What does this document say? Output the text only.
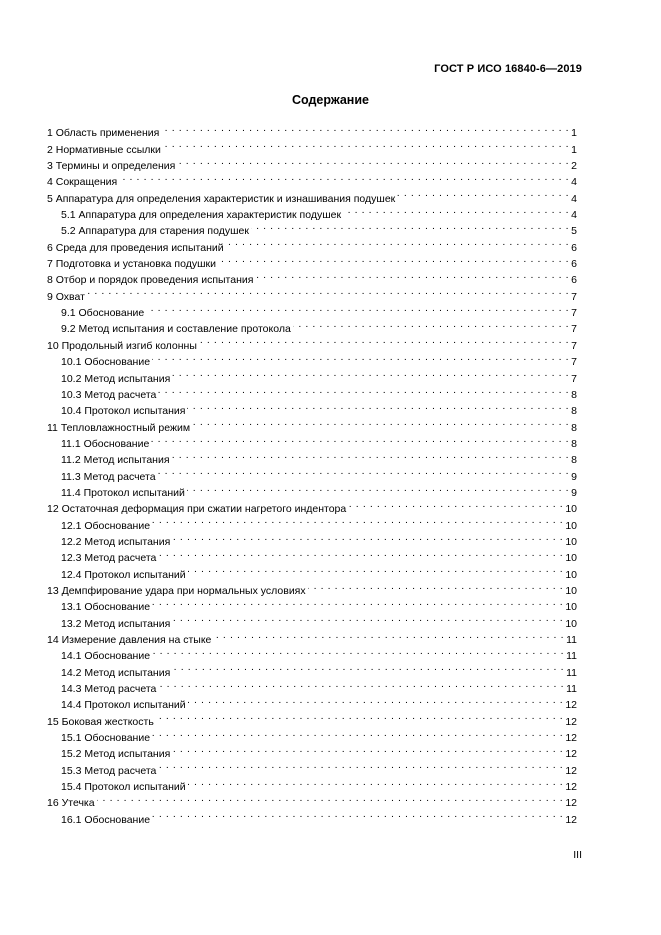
ГОСТ Р ИСО 16840-6—2019
Содержание
1 Область применения . . .	1
2 Нормативные ссылки . . .	1
3 Термины и определения . . .	2
4 Сокращения . . .	4
5 Аппаратура для определения характеристик и изнашивания подушек . . .	4
5.1 Аппаратура для определения характеристик подушек . . .	4
5.2 Аппаратура для старения подушек . . .	5
6 Среда для проведения испытаний . . .	6
7 Подготовка и установка подушки . . .	6
8 Отбор и порядок проведения испытания . . .	6
9 Охват . . .	7
9.1 Обоснование . . .	7
9.2 Метод испытания и составление протокола . . .	7
10 Продольный изгиб колонны . . .	7
10.1 Обоснование . . .	7
10.2 Метод испытания . . .	7
10.3 Метод расчета . . .	8
10.4 Протокол испытания . . .	8
11 Тепловлажностный режим . . .	8
11.1 Обоснование . . .	8
11.2 Метод испытания . . .	8
11.3 Метод расчета . . .	9
11.4 Протокол испытаний . . .	9
12 Остаточная деформация при сжатии нагретого индентора . . .	10
12.1 Обоснование . . .	10
12.2 Метод испытания . . .	10
12.3 Метод расчета . . .	10
12.4 Протокол испытаний . . .	10
13 Демпфирование удара при нормальных условиях . . .	10
13.1 Обоснование . . .	10
13.2 Метод испытания . . .	10
14 Измерение давления на стыке . . .	11
14.1 Обоснование . . .	11
14.2 Метод испытания . . .	11
14.3 Метод расчета . . .	11
14.4 Протокол испытаний . . .	12
15 Боковая жесткость . . .	12
15.1 Обоснование . . .	12
15.2 Метод испытания . . .	12
15.3 Метод расчета . . .	12
15.4 Протокол испытаний . . .	12
16 Утечка . . .	12
16.1 Обоснование . . .	12
III
